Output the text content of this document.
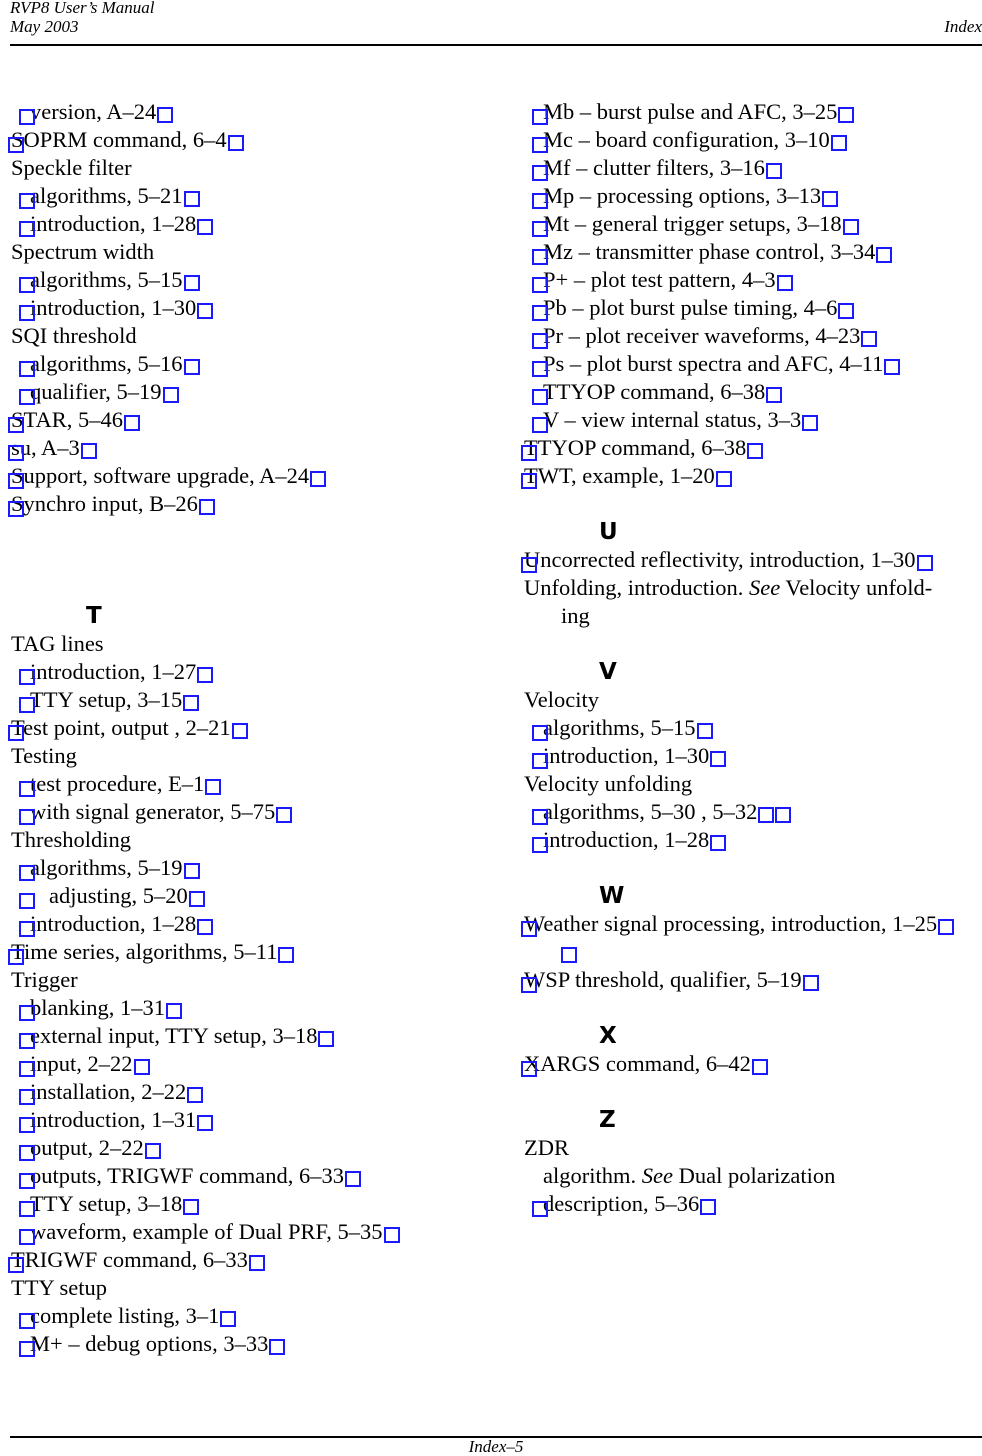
RVP8 User’s Manual
May 2003	Index
version, A–24
SOPRM command, 6–4
Speckle filter
algorithms, 5–21
introduction, 1–28
Spectrum width
algorithms, 5–15
introduction, 1–30
SQI threshold
algorithms, 5–16
qualifier, 5–19
STAR, 5–46
su, A–3
Support, software upgrade, A–24
Synchro input, B–26
T
TAG lines
introduction, 1–27
TTY setup, 3–15
Test point, output , 2–21
Testing
test procedure, E–1
with signal generator, 5–75
Thresholding
algorithms, 5–19
adjusting, 5–20
introduction, 1–28
Time series, algorithms, 5–11
Trigger
blanking, 1–31
external input, TTY setup, 3–18
input, 2–22
installation, 2–22
introduction, 1–31
output, 2–22
outputs, TRIGWF command, 6–33
TTY setup, 3–18
waveform, example of Dual PRF, 5–35
TRIGWF command, 6–33
TTY setup
complete listing, 3–1
M+ – debug options, 3–33
Mb – burst pulse and AFC, 3–25
Mc – board configuration, 3–10
Mf – clutter filters, 3–16
Mp – processing options, 3–13
Mt – general trigger setups, 3–18
Mz – transmitter phase control, 3–34
P+ – plot test pattern, 4–3
Pb – plot burst pulse timing, 4–6
Pr – plot receiver waveforms, 4–23
Ps – plot burst spectra and AFC, 4–11
TTYOP command, 6–38
V – view internal status, 3–3
TTYOP command, 6–38
TWT, example, 1–20
U
Uncorrected reflectivity, introduction, 1–30
Unfolding, introduction. See Velocity unfold-
ing
V
Velocity
algorithms, 5–15
introduction, 1–30
Velocity unfolding
algorithms, 5–30 , 5–32
introduction, 1–28
W
Weather signal processing, introduction, 1–25
WSP threshold, qualifier, 5–19
X
XARGS command, 6–42
Z
ZDR
algorithm. See Dual polarization
description, 5–36
Index–5
